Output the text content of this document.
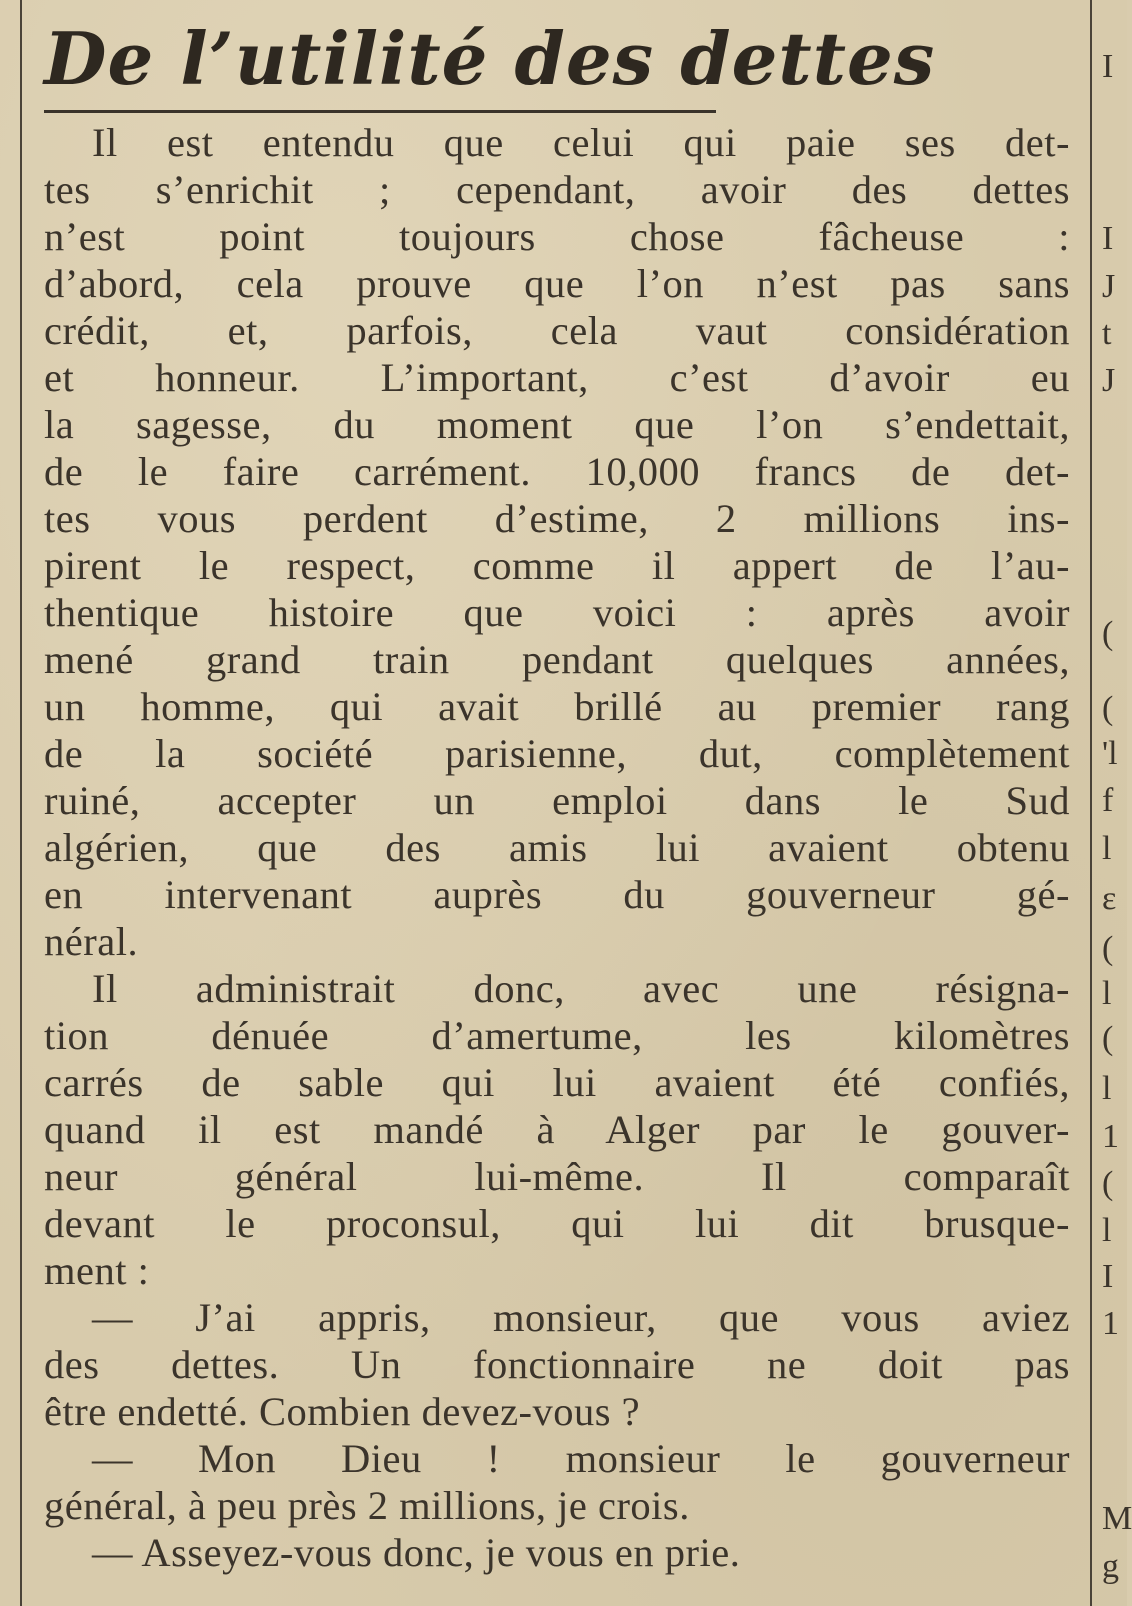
De l’utilité des dettes
Il est entendu que celui qui paie ses det-
tes s’enrichit ; cependant, avoir des dettes
n’est point toujours chose fâcheuse :
d’abord, cela prouve que l’on n’est pas sans
crédit, et, parfois, cela vaut considération
et honneur. L’important, c’est d’avoir eu
la sagesse, du moment que l’on s’endettait,
de le faire carrément. 10,000 francs de det-
tes vous perdent d’estime, 2 millions ins-
pirent le respect, comme il appert de l’au-
thentique histoire que voici : après avoir
mené grand train pendant quelques années,
un homme, qui avait brillé au premier rang
de la société parisienne, dut, complètement
ruiné, accepter un emploi dans le Sud
algérien, que des amis lui avaient obtenu
en intervenant auprès du gouverneur gé-
néral.
Il administrait donc, avec une résigna-
tion dénuée d’amertume, les kilomètres
carrés de sable qui lui avaient été confiés,
quand il est mandé à Alger par le gouver-
neur général lui-même. Il comparaît
devant le proconsul, qui lui dit brusque-
ment :
— J’ai appris, monsieur, que vous aviez
des dettes. Un fonctionnaire ne doit pas
être endetté. Combien devez-vous ?
— Mon Dieu ! monsieur le gouverneur
général, à peu près 2 millions, je crois.
— Asseyez-vous donc, je vous en prie.
I
I
J
t
J
(
(
'l
f
l
ε
(
l
(
l
1
(
l
I
1
M
g
